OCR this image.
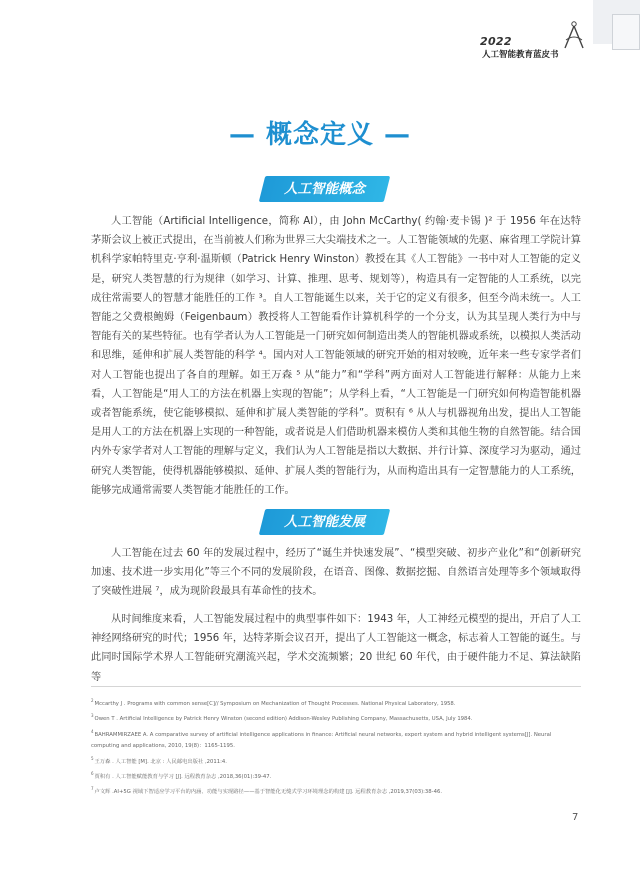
2022
人工智能教育蓝皮书
— 概念定义 —
人工智能概念

人工智能（Artificial Intelligence，简称 AI），由 John McCarthy( 约翰·麦卡锡 )² 于 1956 年在达特茅斯会议上被正式提出，在当前被人们称为世界三大尖端技术之一。人工智能领域的先驱、麻省理工学院计算机科学家帕特里克·亨利·温斯顿（Patrick Henry Winston）教授在其《人工智能》一书中对人工智能的定义是，研究人类智慧的行为规律（如学习、计算、推理、思考、规划等），构造具有一定智能的人工系统，以完成往常需要人的智慧才能胜任的工作 ³。自人工智能诞生以来，关于它的定义有很多，但至今尚未统一。人工智能之父费根鲍姆（Feigenbaum）教授将人工智能看作计算机科学的一个分支，认为其呈现人类行为中与智能有关的某些特征。也有学者认为人工智能是一门研究如何制造出类人的智能机器或系统，以模拟人类活动和思维，延伸和扩展人类智能的科学 ⁴。国内对人工智能领域的研究开始的相对较晚，近年来一些专家学者们对人工智能也提出了各自的理解。如王万森 ⁵ 从“能力”和“学科”两方面对人工智能进行解释：从能力上来看，人工智能是“用人工的方法在机器上实现的智能”；从学科上看，“人工智能是一门研究如何构造智能机器或者智能系统，使它能够模拟、延伸和扩展人类智能的学科”。贾积有 ⁶ 从人与机器视角出发，提出人工智能是用人工的方法在机器上实现的一种智能，或者说是人们借助机器来模仿人类和其他生物的自然智能。结合国内外专家学者对人工智能的理解与定义，我们认为人工智能是指以大数据、并行计算、深度学习为驱动，通过研究人类智能，使得机器能够模拟、延伸、扩展人类的智能行为，从而构造出具有一定智慧能力的人工系统，能够完成通常需要人类智能才能胜任的工作。

人工智能发展

人工智能在过去 60 年的发展过程中，经历了“诞生并快速发展”、“模型突破、初步产业化”和“创新研究加速、技术进一步实用化”等三个不同的发展阶段，在语音、图像、数据挖掘、自然语言处理等多个领域取得了突破性进展 ⁷，成为现阶段最具有革命性的技术。

从时间维度来看，人工智能发展过程中的典型事件如下：1943 年，人工神经元模型的提出，开启了人工神经网络研究的时代；1956 年，达特茅斯会议召开，提出了人工智能这一概念，标志着人工智能的诞生。与此同时国际学术界人工智能研究潮流兴起，学术交流频繁；20 世纪 60 年代，由于硬件能力不足、算法缺陷等

$^2$Mccarthy J . Programs with common sense[C]// Symposium on Mechanization of Thought Processes. National Physical Laboratory, 1958.
$^3$Owen T . Artificial Intelligence by Patrick Henry Winston (second edition) Addison-Wesley Publishing Company, Massachusetts, USA, July 1984.
$^4$BAHRAMMIRZAEE A. A comparative survey of artificial intelligence applications in finance: Artificial neural networks, expert system and hybrid intelligent systems[J]. Neural computing and applications, 2010, 19(8)：1165-1195.
$^5$王万森 . 人工智能 [M]. 北京 : 人民邮电出版社 ,2011:4.
$^6$贾积有 . 人工智能赋能教育与学习 [J]. 远程教育杂志 ,2018,36(01):39-47.
$^7$卢文辉 .AI+5G 视域下智适应学习平台的内涵、功能与实现路径——基于智能化无缝式学习环境理念的构建 [J]. 远程教育杂志 ,2019,37(03):38-46.
7
